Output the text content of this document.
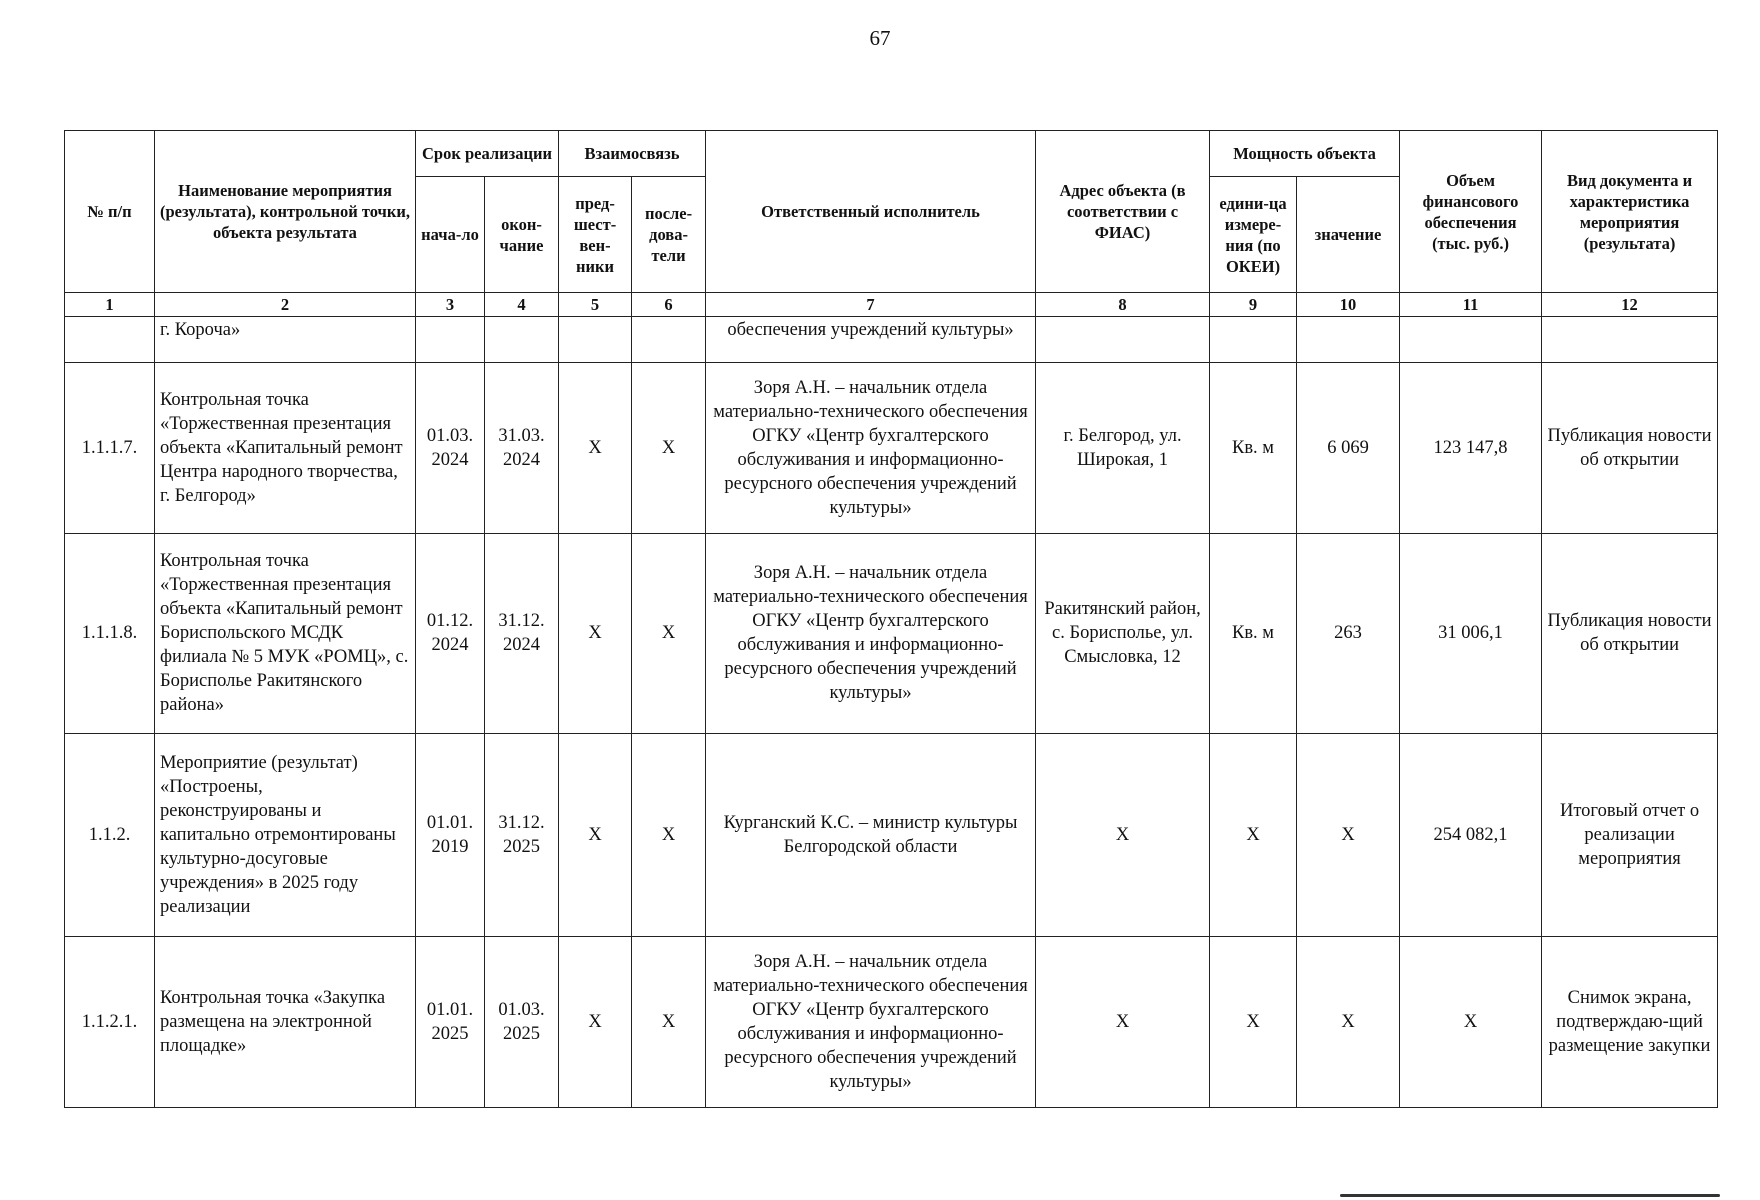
67
№ п/п	Наименование мероприятия (результата), контрольной точки, объекта результата	Срок реализации		Взаимосвязь		Ответственный исполнитель	Адрес объекта (в соответствии с ФИАС)	Мощность объекта		Объем финансового обеспечения (тыс. руб.)	Вид документа и характеристика мероприятия (результата)
		нача-ло	окон-чание	пред-шест-вен-ники	после-дова-тели			едини-ца измере-ния (по ОКЕИ)	значение		
1	2	3	4	5	6	7	8	9	10	11	12
	г. Короча»					обеспечения учреждений культуры»					
1.1.1.7.	Контрольная точка «Торжественная презентация объекта «Капитальный ремонт Центра народного творчества, г. Белгород»	01.03. 2024	31.03. 2024	Х	Х	Зоря А.Н. – начальник отдела материально-технического обеспечения ОГКУ «Центр бухгалтерского обслуживания и информационно-ресурсного обеспечения учреждений культуры»	г. Белгород, ул. Широкая, 1	Кв. м	6 069	123 147,8	Публикация новости об открытии
1.1.1.8.	Контрольная точка «Торжественная презентация объекта «Капитальный ремонт Бориспольского МСДК филиала № 5 МУК «РОМЦ», с. Борисполье Ракитянского района»	01.12. 2024	31.12. 2024	Х	Х	Зоря А.Н. – начальник отдела материально-технического обеспечения ОГКУ «Центр бухгалтерского обслуживания и информационно-ресурсного обеспечения учреждений культуры»	Ракитянский район, с. Борисполье, ул. Смысловка, 12	Кв. м	263	31 006,1	Публикация новости об открытии
1.1.2.	Мероприятие (результат) «Построены, реконструированы и капитально отремонтированы культурно-досуговые учреждения» в 2025 году реализации	01.01. 2019	31.12. 2025	Х	Х	Курганский К.С. – министр культуры Белгородской области	Х	Х	Х	254 082,1	Итоговый отчет о реализации мероприятия
1.1.2.1.	Контрольная точка «Закупка размещена на электронной площадке»	01.01. 2025	01.03. 2025	Х	Х	Зоря А.Н. – начальник отдела материально-технического обеспечения ОГКУ «Центр бухгалтерского обслуживания и информационно-ресурсного обеспечения учреждений культуры»	Х	Х	Х	Х	Снимок экрана, подтверждаю-щий размещение закупки
